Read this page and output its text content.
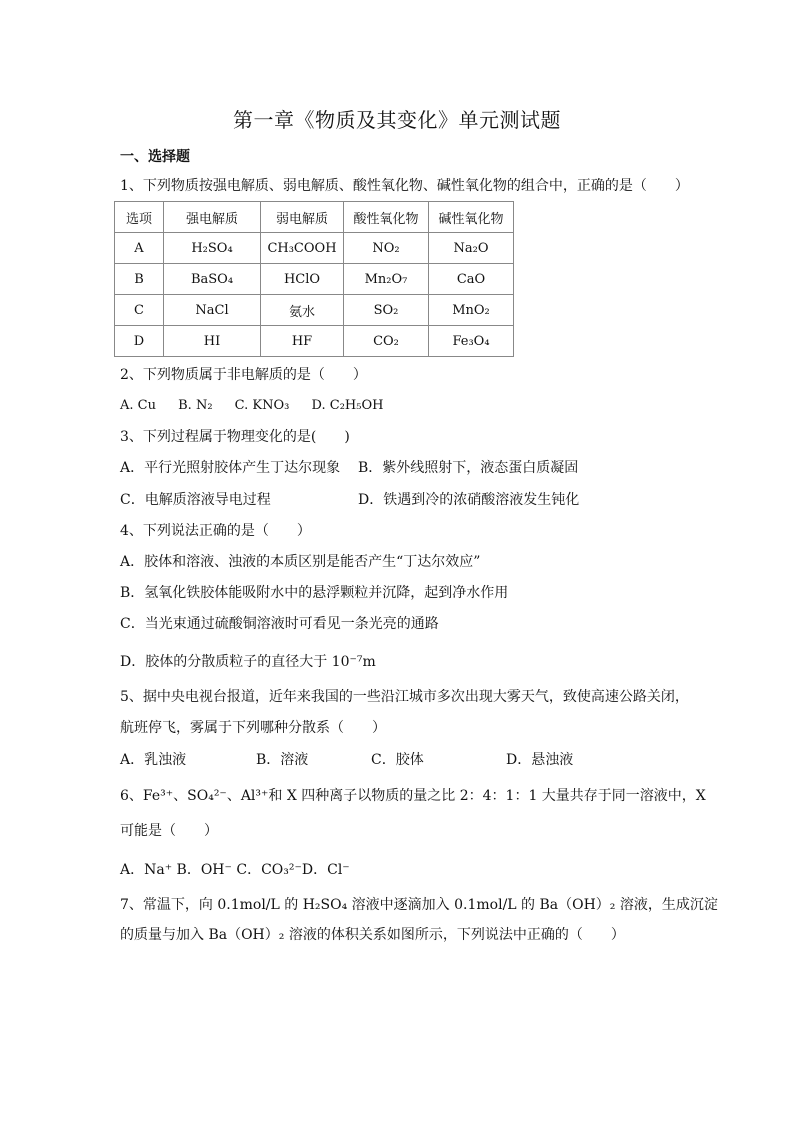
第一章《物质及其变化》单元测试题
一、选择题
1、下列物质按强电解质、弱电解质、酸性氧化物、碱性氧化物的组合中，正确的是（　　）
选项	强电解质	弱电解质	酸性氧化物	碱性氧化物
A	H₂SO₄	CH₃COOH	NO₂	Na₂O
B	BaSO₄	HClO	Mn₂O₇	CaO
C	NaCl	氨水	SO₂	MnO₂
D	HI	HF	CO₂	Fe₃O₄
2、下列物质属于非电解质的是（　　）
A. Cu B. N₂ C. KNO₃ D. C₂H₅OH
3、下列过程属于物理变化的是(　　)
A．平行光照射胶体产生丁达尔现象 B．紫外线照射下，液态蛋白质凝固
C．电解质溶液导电过程	D．铁遇到冷的浓硝酸溶液发生钝化
4、下列说法正确的是（　　）
A．胶体和溶液、浊液的本质区别是能否产生“丁达尔效应”
B．氢氧化铁胶体能吸附水中的悬浮颗粒并沉降，起到净水作用
C．当光束通过硫酸铜溶液时可看见一条光亮的通路
D．胶体的分散质粒子的直径大于 10⁻⁷m
5、据中央电视台报道，近年来我国的一些沿江城市多次出现大雾天气，致使高速公路关闭，
航班停飞，雾属于下列哪种分散系（　　）
A．乳浊液	B．溶液	C．胶体	D．悬浊液
6、Fe³⁺、SO₄²⁻、Al³⁺和 X 四种离子以物质的量之比 2：4：1：1 大量共存于同一溶液中，X
可能是（　　）
A．Na⁺ B．OH⁻ C．CO₃²⁻D．Cl⁻
7、常温下，向 0.1mol/L 的 H₂SO₄ 溶液中逐滴加入 0.1mol/L 的 Ba（OH）₂ 溶液，生成沉淀
的质量与加入 Ba（OH）₂ 溶液的体积关系如图所示，下列说法中正确的（　　）
